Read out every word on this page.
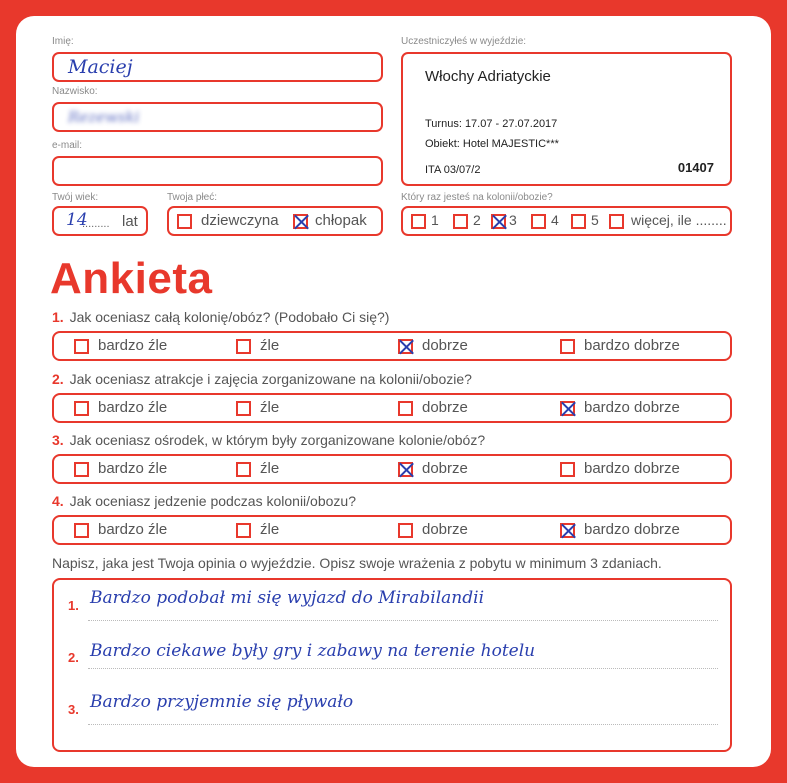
Imię:
Maciej
Nazwisko:
Rezewski
e-mail:
Twój wiek:
14
......... lat
Twoja płeć:
dziewczyna chłopak
Uczestniczyłeś w wyjeździe:
Włochy Adriatyckie
Turnus: 17.07 - 27.07.2017
Obiekt: Hotel MAJESTIC***
ITA 03/07/2	01407
Który raz jesteś na kolonii/obozie?
1 2 3 4 5 więcej, ile ........
Ankieta
1. Jak oceniasz całą kolonię/obóz? (Podobało Ci się?)
bardzo źle	źle	dobrze	bardzo dobrze
2. Jak oceniasz atrakcje i zajęcia zorganizowane na kolonii/obozie?
bardzo źle	źle	dobrze	bardzo dobrze
3. Jak oceniasz ośrodek, w którym były zorganizowane kolonie/obóz?
bardzo źle	źle	dobrze	bardzo dobrze
4. Jak oceniasz jedzenie podczas kolonii/obozu?
bardzo źle	źle	dobrze	bardzo dobrze
Napisz, jaka jest Twoja opinia o wyjeździe. Opisz swoje wrażenia z pobytu w minimum 3 zdaniach.
1. Bardzo podobał mi się wyjazd do Mirabilandii
2. Bardzo ciekawe były gry i zabawy na terenie hotelu
3. Bardzo przyjemnie się pływało
